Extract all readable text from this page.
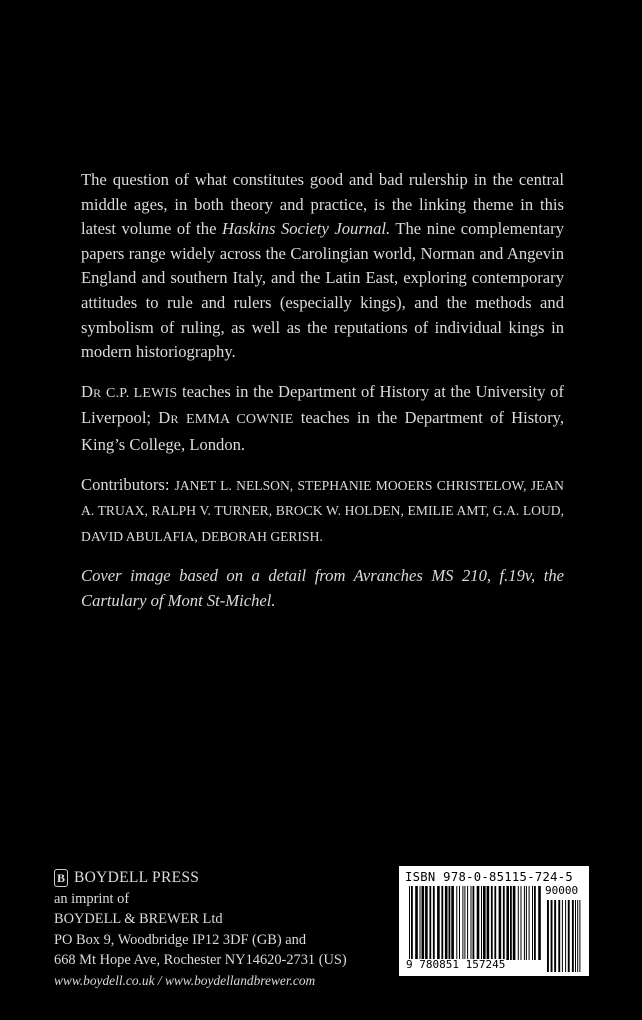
The question of what constitutes good and bad rulership in the central middle ages, in both theory and practice, is the linking theme in this latest volume of the Haskins Society Journal. The nine complementary papers range widely across the Carolingian world, Norman and Angevin England and southern Italy, and the Latin East, exploring contemporary attitudes to rule and rulers (especially kings), and the methods and symbolism of ruling, as well as the reputations of individual kings in modern historiography.

Dr C.P. LEWIS teaches in the Department of History at the University of Liverpool; Dr EMMA COWNIE teaches in the Department of History, King’s College, London.

Contributors: JANET L. NELSON, STEPHANIE MOOERS CHRISTELOW, JEAN A. TRUAX, RALPH V. TURNER, BROCK W. HOLDEN, EMILIE AMT, G.A. LOUD, DAVID ABULAFIA, DEBORAH GERISH.

Cover image based on a detail from Avranches MS 210, f.19v, the Cartulary of Mont St-Michel.

B BOYDELL PRESS
an imprint of
BOYDELL & BREWER Ltd
PO Box 9, Woodbridge IP12 3DF (GB) and
668 Mt Hope Ave, Rochester NY14620-2731 (US)
www.boydell.co.uk / www.boydellandbrewer.com
ISBN 978-0-85115-724-5
90000
9 780851 157245
